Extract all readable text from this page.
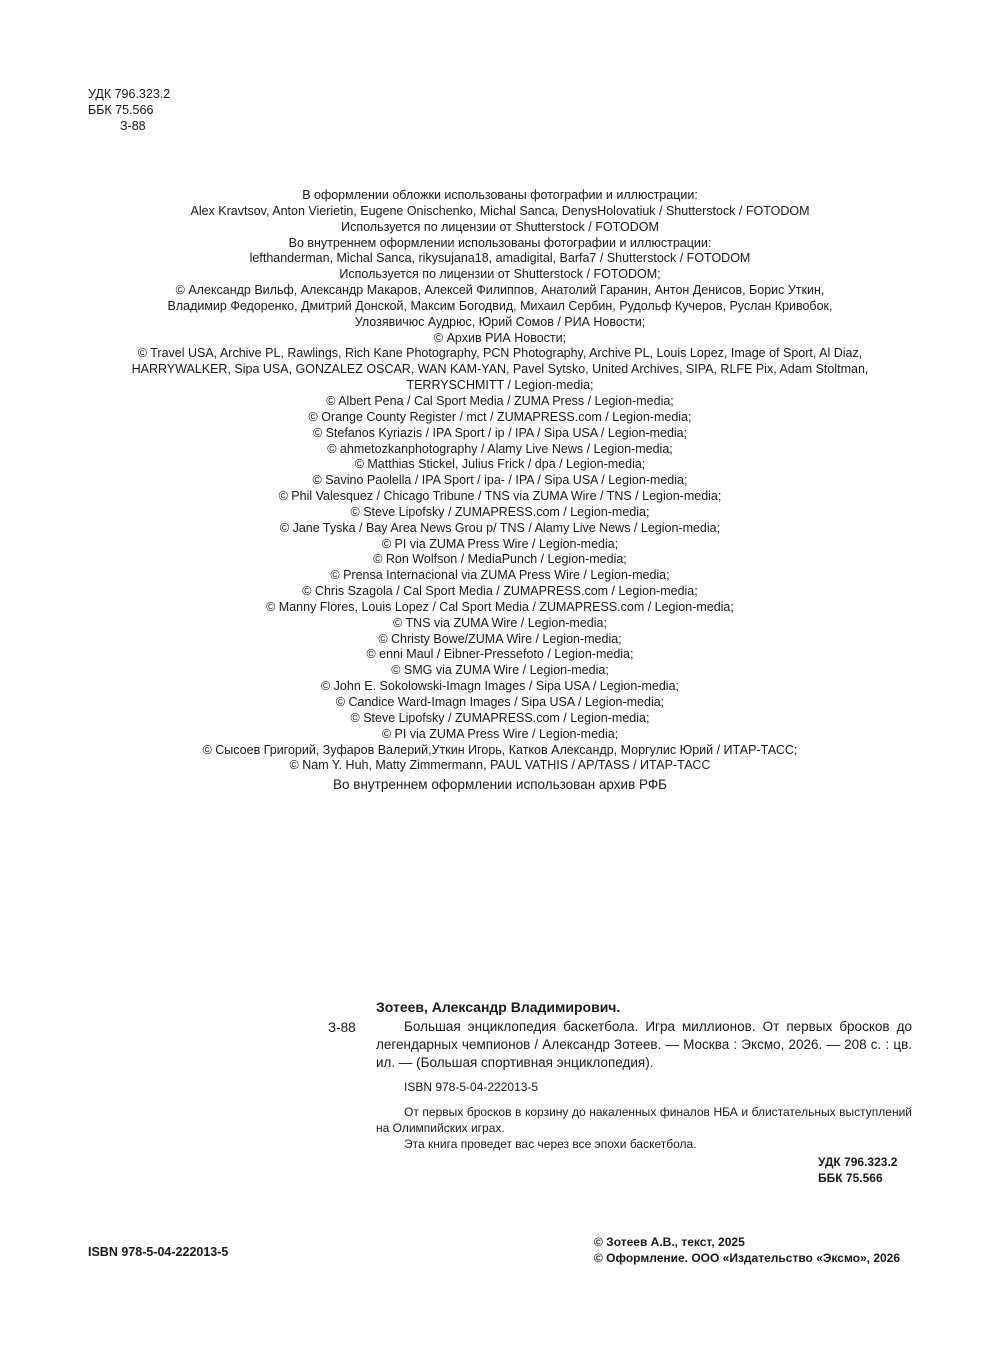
УДК 796.323.2
ББК 75.566
З-88
В оформлении обложки использованы фотографии и иллюстрации:
Alex Kravtsov, Anton Vierietin, Eugene Onischenko, Michal Sanca, DenysHolovatiuk / Shutterstock / FOTODOM
Используется по лицензии от Shutterstock / FOTODOM
Во внутреннем оформлении использованы фотографии и иллюстрации:
lefthanderman, Michal Sanca, rikysujana18, amadigital, Barfa7 / Shutterstock / FOTODOM
Используется по лицензии от Shutterstock / FOTODOM;
© Александр Вильф, Александр Макаров, Алексей Филиппов, Анатолий Гаранин, Антон Денисов, Борис Уткин,
Владимир Федоренко, Дмитрий Донской, Максим Богодвид, Михаил Сербин, Рудольф Кучеров, Руслан Кривобок,
Улозявичюс Аудрюс, Юрий Сомов / РИА Новости;
© Архив РИА Новости;
© Travel USA, Archive PL, Rawlings, Rich Kane Photography, PCN Photography, Archive PL, Louis Lopez, Image of Sport, Al Diaz,
HARRYWALKER, Sipa USA, GONZALEZ OSCAR, WAN KAM-YAN, Pavel Sytsko, United Archives, SIPA, RLFE Pix, Adam Stoltman,
TERRYSCHMITT / Legion-media;
© Albert Pena / Cal Sport Media / ZUMA Press / Legion-media;
© Orange County Register / mct / ZUMAPRESS.com / Legion-media;
© Stefanos Kyriazis / IPA Sport / ip / IPA / Sipa USA / Legion-media;
© ahmetozkanphotography / Alamy Live News / Legion-media;
© Matthias Stickel, Julius Frick / dpa / Legion-media;
© Savino Paolella / IPA Sport / ipa- / IPA / Sipa USA / Legion-media;
© Phil Valesquez / Chicago Tribune / TNS via ZUMA Wire / TNS / Legion-media;
© Steve Lipofsky / ZUMAPRESS.com / Legion-media;
© Jane Tyska / Bay Area News Grou p/ TNS / Alamy Live News / Legion-media;
© PI via ZUMA Press Wire / Legion-media;
© Ron Wolfson / MediaPunch / Legion-media;
© Prensa Internacional via ZUMA Press Wire / Legion-media;
© Chris Szagola / Cal Sport Media / ZUMAPRESS.com / Legion-media;
© Manny Flores, Louis Lopez / Cal Sport Media / ZUMAPRESS.com / Legion-media;
© TNS via ZUMA Wire / Legion-media;
© Christy Bowe/ZUMA Wire / Legion-media;
© enni Maul / Eibner-Pressefoto / Legion-media;
© SMG via ZUMA Wire / Legion-media;
© John E. Sokolowski-Imagn Images / Sipa USA / Legion-media;
© Candice Ward-Imagn Images / Sipa USA / Legion-media;
© Steve Lipofsky / ZUMAPRESS.com / Legion-media;
© PI via ZUMA Press Wire / Legion-media;
© Сысоев Григорий, Зуфаров Валерий,Уткин Игорь, Катков Александр, Моргулис Юрий / ИТАР-ТАСС;
© Nam Y. Huh, Matty Zimmermann, PAUL VATHIS / AP/TASS / ИТАР-ТАСС
Во внутреннем оформлении использован архив РФБ
Зотеев, Александр Владимирович.
З-88	Большая энциклопедия баскетбола. Игра миллионов. От первых бросков до легендарных чемпионов / Александр Зотеев. — Москва : Эксмо, 2026. — 208 с. : цв. ил. — (Большая спортивная энциклопедия).
ISBN 978-5-04-222013-5
От первых бросков в корзину до накаленных финалов НБА и блистательных выступлений на Олимпийских играх.
Эта книга проведет вас через все эпохи баскетбола.
УДК 796.323.2
ББК 75.566
ISBN 978-5-04-222013-5
© Зотеев А.В., текст, 2025
© Оформление. ООО «Издательство «Эксмо», 2026
